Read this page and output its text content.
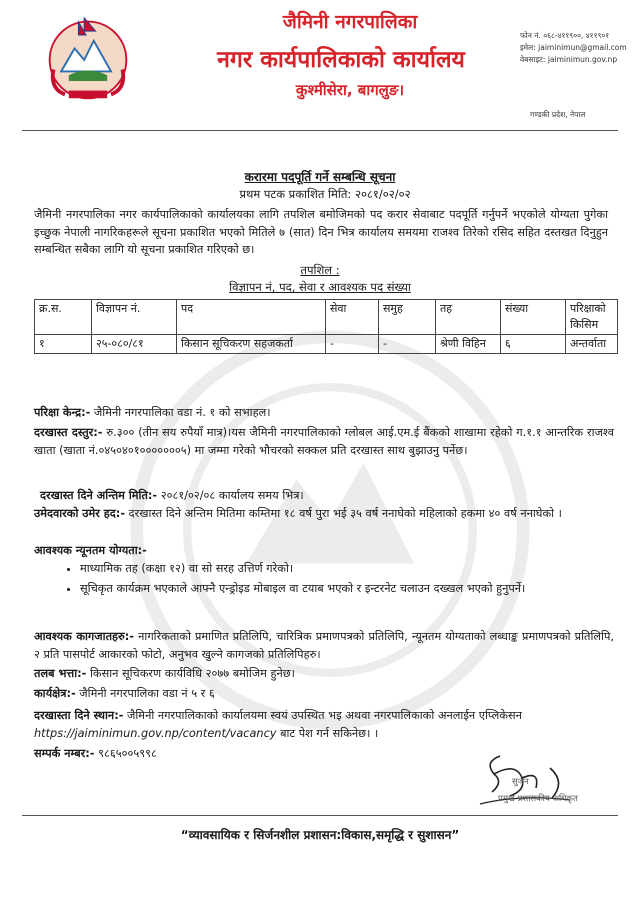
जैमिनी नगरपालिका
नगर कार्यपालिकाको कार्यालय
कुश्मीसेरा, बागलुङ।
फोन नं. ०६८-४११९००, ४११९०१
इमेल: jaiminimun@gmail.com
वेबसाइट: jaiminimun.gov.np
गण्डकी प्रदेश, नेपाल
करारमा पदपूर्ति गर्ने सम्बन्धि सूचना
प्रथम पटक प्रकाशित मिति: २०८१/०२/०२
जैमिनी नगरपालिका नगर कार्यपालिकाको कार्यालयका लागि तपशिल बमोजिमको पद करार सेवाबाट पदपूर्ति गर्नुपर्ने भएकोले योग्यता पुगेका इच्छुक नेपाली नागरिकहरूले सूचना प्रकाशित भएको मितिले ७ (सात) दिन भित्र कार्यालय समयमा राजश्व तिरेको रसिद सहित दस्तखत दिनुहुन सम्बन्धित सबैका लागि यो सूचना प्रकाशित गरिएको छ।
तपशिल :
विज्ञापन नं, पद, सेवा र आवश्यक पद संख्या
क्र.स.	विज्ञापन नं.	पद	सेवा	समुह	तह	संख्या	परिक्षाको किसिम
१	२५-०८०/८१	किसान सूचिकरण सहजकर्ता	-	-	श्रेणी विहिन	६	अन्तर्वाता
परिक्षा केन्द्र:- जैमिनी नगरपालिका वडा नं. १ को सभाहल।
दरखास्त दस्तुर:- रु.३०० (तीन सय रुपैयाँ मात्र)।यस जैमिनी नगरपालिकाको ग्लोबल आई.एम.ई बैंकको शाखामा रहेको ग.१.१ आन्तरिक राजश्व खाता (खाता नं.०४५०४०१०००००००५) मा जम्मा गरेको भौचरको सक्कल प्रति दरखास्त साथ बुझाउनु पर्नेछ।
दरखास्त दिने अन्तिम मिति:- २०८१/०२/०८ कार्यालय समय भित्र।
उमेदवारको उमेर हद:- दरखास्त दिने अन्तिम मितिमा कम्तिमा १८ वर्ष पुरा भई ३५ वर्ष ननाघेको महिलाको हकमा ४० वर्ष ननाघेको ।
आवश्यक न्यूनतम योग्यता:-
• माध्यामिक तह (कक्षा १२) वा सो सरह उत्तिर्ण गरेको।
• सूचिकृत कार्यक्रम भएकाले आफ्नै एन्ड्रोइड मोबाइल वा टयाब भएको र इन्टरनेट चलाउन दख्खल भएको हुनुपर्ने।
आवश्यक कागजातहरु:- नागरिकताको प्रमाणित प्रतिलिपि, चारित्रिक प्रमाणपत्रको प्रतिलिपि, न्यूनतम योग्यताको लब्धाङ्क प्रमाणपत्रको प्रतिलिपि, २ प्रति पासपोर्ट आकारको फोटो, अनुभव खुल्ने कागजको प्रतिलिपिहरु।
तलब भत्ता:- किसान सूचिकरण कार्यविधि २०७७ बमोजिम हुनेछ।
कार्यक्षेत्र:- जैमिनी नगरपालिका वडा नं ५ र ६
दरखास्ता दिने स्थान:- जैमिनी नगरपालिकाको कार्यालयमा स्वयं उपस्थित भइ अथवा नगरपालिकाको अनलाईन एप्लिकेसन
https://jaiminimun.gov.np/content/vacancy बाट पेश गर्न सकिनेछ। ।
सम्पर्क नम्बर:- ९८६५००५९९८
सुजन
प्रमुख प्रशासकीय अधिकृत
“व्यावसायिक र सिर्जनशील प्रशासन:विकास,समृद्धि र सुशासन”
